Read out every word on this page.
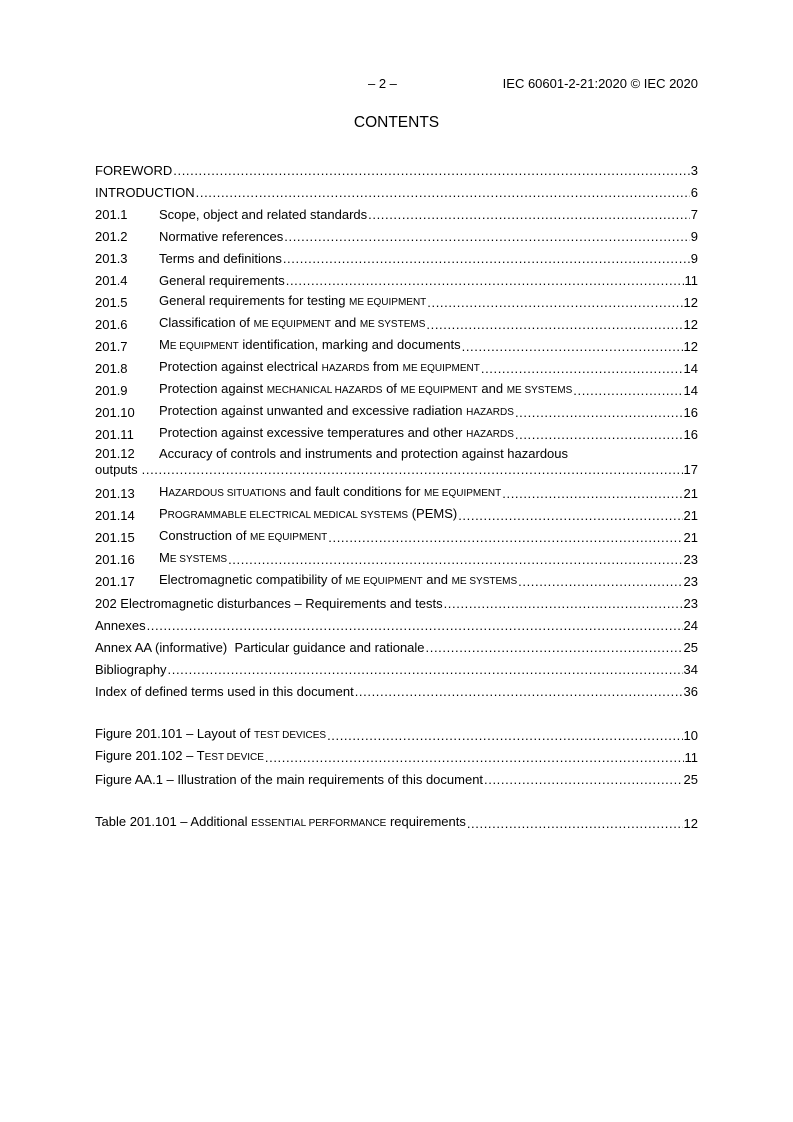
– 2 –	IEC 60601-2-21:2020 © IEC 2020
CONTENTS
FOREWORD .....	3
INTRODUCTION .....	6
201.1	Scope, object and related standards .....	7
201.2	Normative references .....	9
201.3	Terms and definitions .....	9
201.4	General requirements .....	11
201.5	General requirements for testing ME EQUIPMENT .....	12
201.6	Classification of ME EQUIPMENT and ME SYSTEMS .....	12
201.7	ME EQUIPMENT identification, marking and documents .....	12
201.8	Protection against electrical HAZARDS from ME EQUIPMENT .....	14
201.9	Protection against MECHANICAL HAZARDS of ME EQUIPMENT and ME SYSTEMS .....	14
201.10	Protection against unwanted and excessive radiation HAZARDS .....	16
201.11	Protection against excessive temperatures and other HAZARDS .....	16
201.12	Accuracy of controls and instruments and protection against hazardous
outputs .....	17
201.13	HAZARDOUS SITUATIONS and fault conditions for ME EQUIPMENT .....	21
201.14	PROGRAMMABLE ELECTRICAL MEDICAL SYSTEMS (PEMS) .....	21
201.15	Construction of ME EQUIPMENT .....	21
201.16	ME SYSTEMS .....	23
201.17	Electromagnetic compatibility of ME EQUIPMENT and ME SYSTEMS .....	23
202 Electromagnetic disturbances – Requirements and tests .....	23
Annexes .....	24
Annex AA (informative)  Particular guidance and rationale .....	25
Bibliography .....	34
Index of defined terms used in this document .....	36
Figure 201.101 – Layout of TEST DEVICES .....	10
Figure 201.102 – TEST DEVICE .....	11
Figure AA.1 – Illustration of the main requirements of this document .....	25
Table 201.101 – Additional ESSENTIAL PERFORMANCE requirements .....	12
